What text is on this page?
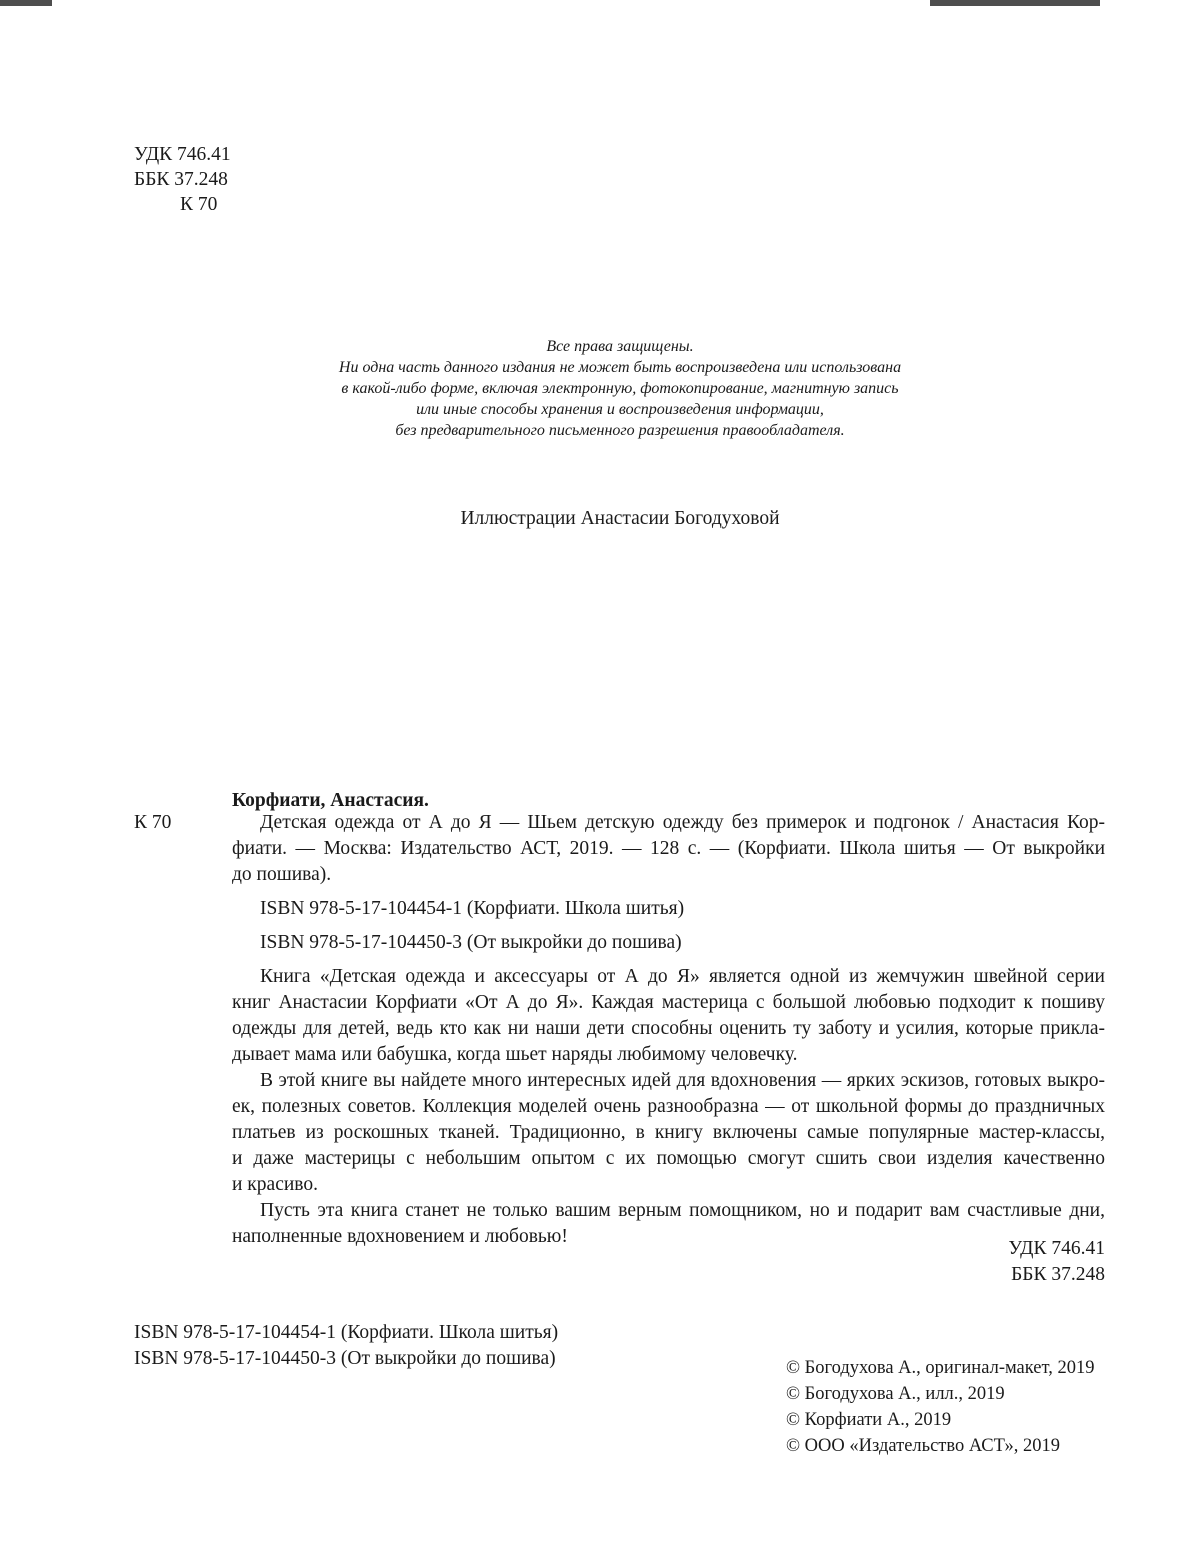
УДК 746.41
ББК 37.248
К 70
Все права защищены.
Ни одна часть данного издания не может быть воспроизведена или использована
в какой-либо форме, включая электронную, фотокопирование, магнитную запись
или иные способы хранения и воспроизведения информации,
без предварительного письменного разрешения правообладателя.
Иллюстрации Анастасии Богодуховой
Корфиати, Анастасия.
К 70	Детская одежда от А до Я — Шьем детскую одежду без примерок и подгонок / Анастасия Кор-
фиати. — Москва: Издательство АСТ, 2019. — 128 с. — (Корфиати. Школа шитья — От выкройки
до пошива).
ISBN 978-5-17-104454-1 (Корфиати. Школа шитья)
ISBN 978-5-17-104450-3 (От выкройки до пошива)
Книга «Детская одежда и аксессуары от А до Я» является одной из жемчужин швейной серии
книг Анастасии Корфиати «От А до Я». Каждая мастерица с большой любовью подходит к пошиву
одежды для детей, ведь кто как ни наши дети способны оценить ту заботу и усилия, которые прикла-
дывает мама или бабушка, когда шьет наряды любимому человечку.
В этой книге вы найдете много интересных идей для вдохновения — ярких эскизов, готовых выкро-
ек, полезных советов. Коллекция моделей очень разнообразна — от школьной формы до праздничных
платьев из роскошных тканей. Традиционно, в книгу включены самые популярные мастер-классы,
и даже мастерицы с небольшим опытом с их помощью смогут сшить свои изделия качественно
и красиво.
Пусть эта книга станет не только вашим верным помощником, но и подарит вам счастливые дни,
наполненные вдохновением и любовью!
УДК 746.41
ББК 37.248
ISBN 978-5-17-104454-1 (Корфиати. Школа шитья)
ISBN 978-5-17-104450-3 (От выкройки до пошива)	© Богодухова А., оригинал-макет, 2019
© Богодухова А., илл., 2019
© Корфиати А., 2019
© ООО «Издательство АСТ», 2019
